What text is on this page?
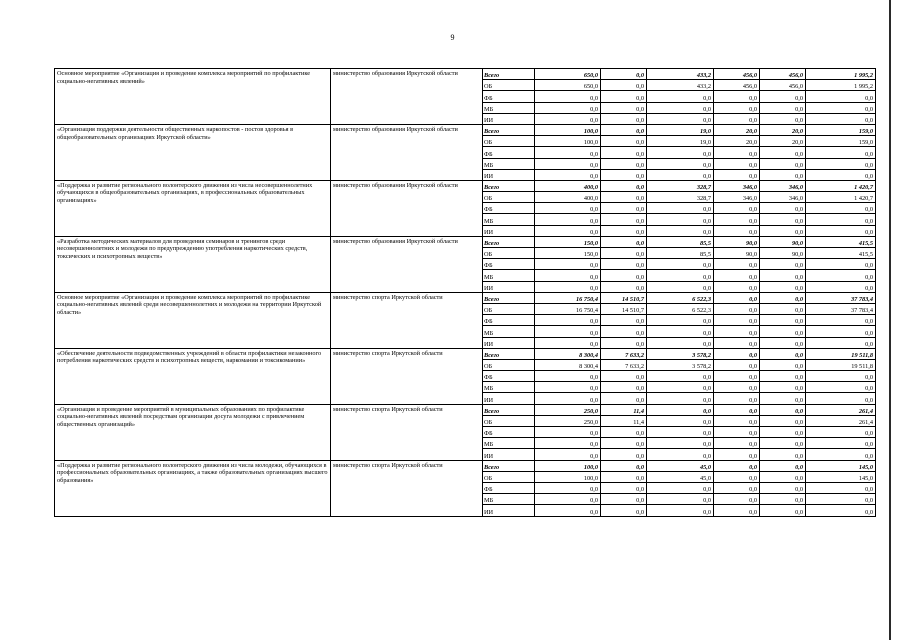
9
Основное мероприятие «Организация и проведение комплекса мероприятий по профилактике социально-негативных явлений»	министерство образования Иркутской области	Всего	650,0	0,0	433,2	456,0	456,0	1 995,2
		ОБ	650,0	0,0	433,2	456,0	456,0	1 995,2
		ФБ	0,0	0,0	0,0	0,0	0,0	0,0
		МБ	0,0	0,0	0,0	0,0	0,0	0,0
		ИИ	0,0	0,0	0,0	0,0	0,0	0,0
«Организация поддержки деятельности общественных наркопостов - постов здоровья в общеобразовательных организациях Иркутской области»	министерство образования Иркутской области	Всего	100,0	0,0	19,0	20,0	20,0	159,0
		ОБ	100,0	0,0	19,0	20,0	20,0	159,0
		ФБ	0,0	0,0	0,0	0,0	0,0	0,0
		МБ	0,0	0,0	0,0	0,0	0,0	0,0
		ИИ	0,0	0,0	0,0	0,0	0,0	0,0
«Поддержка и развитие регионального волонтерского движения из числа несовершеннолетних обучающихся в общеобразовательных организациях, в профессиональных образовательных организациях»	министерство образования Иркутской области	Всего	400,0	0,0	328,7	346,0	346,0	1 420,7
		ОБ	400,0	0,0	328,7	346,0	346,0	1 420,7
		ФБ	0,0	0,0	0,0	0,0	0,0	0,0
		МБ	0,0	0,0	0,0	0,0	0,0	0,0
		ИИ	0,0	0,0	0,0	0,0	0,0	0,0
«Разработка методических материалов для проведения семинаров и тренингов среди несовершеннолетних и молодежи по предупреждению употребления наркотических средств, токсических и психотропных веществ»	министерство образования Иркутской области	Всего	150,0	0,0	85,5	90,0	90,0	415,5
		ОБ	150,0	0,0	85,5	90,0	90,0	415,5
		ФБ	0,0	0,0	0,0	0,0	0,0	0,0
		МБ	0,0	0,0	0,0	0,0	0,0	0,0
		ИИ	0,0	0,0	0,0	0,0	0,0	0,0
Основное мероприятие «Организация и проведение комплекса мероприятий по профилактике социально-негативных явлений среди несовершеннолетних и молодежи на территории Иркутской области»	министерство спорта Иркутской области	Всего	16 750,4	14 510,7	6 522,3	0,0	0,0	37 783,4
		ОБ	16 750,4	14 510,7	6 522,3	0,0	0,0	37 783,4
		ФБ	0,0	0,0	0,0	0,0	0,0	0,0
		МБ	0,0	0,0	0,0	0,0	0,0	0,0
		ИИ	0,0	0,0	0,0	0,0	0,0	0,0
«Обеспечение деятельности подведомственных учреждений в области профилактики незаконного потребления наркотических средств и психотропных веществ, наркомании и токсикомании»	министерство спорта Иркутской области	Всего	8 300,4	7 633,2	3 578,2	0,0	0,0	19 511,8
		ОБ	8 300,4	7 633,2	3 578,2	0,0	0,0	19 511,8
		ФБ	0,0	0,0	0,0	0,0	0,0	0,0
		МБ	0,0	0,0	0,0	0,0	0,0	0,0
		ИИ	0,0	0,0	0,0	0,0	0,0	0,0
«Организация и проведение мероприятий в муниципальных образованиях по профилактике социально-негативных явлений посредствам организации досуга молодежи с привлечением общественных организаций»	министерство спорта Иркутской области	Всего	250,0	11,4	0,0	0,0	0,0	261,4
		ОБ	250,0	11,4	0,0	0,0	0,0	261,4
		ФБ	0,0	0,0	0,0	0,0	0,0	0,0
		МБ	0,0	0,0	0,0	0,0	0,0	0,0
		ИИ	0,0	0,0	0,0	0,0	0,0	0,0
«Поддержка и развитие регионального волонтерского движения из числа молодежи, обучающихся в профессиональных образовательных организациях, а также образовательных организациях высшего образования»	министерство спорта Иркутской области	Всего	100,0	0,0	45,0	0,0	0,0	145,0
		ОБ	100,0	0,0	45,0	0,0	0,0	145,0
		ФБ	0,0	0,0	0,0	0,0	0,0	0,0
		МБ	0,0	0,0	0,0	0,0	0,0	0,0
		ИИ	0,0	0,0	0,0	0,0	0,0	0,0
